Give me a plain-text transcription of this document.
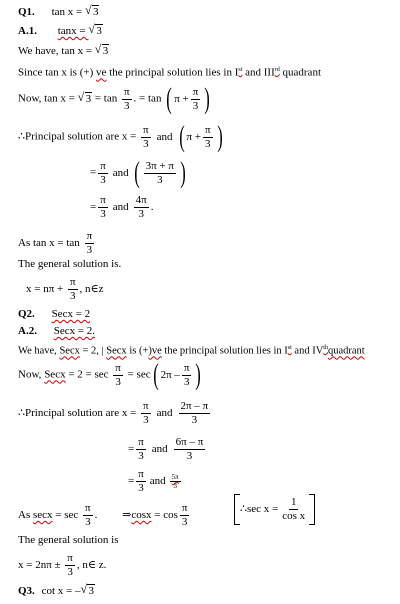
Q1. tan x = √ 3
A.1. tanx = √ 3
We have, tan x = √ 3
Since tan x is (+) ve the principal solution lies in Ist and IIIrd quadrant
Now, tan x = √ $3 = \tan \frac{\pi}{3}$ . = tan ( $\pi + \frac{\pi}{3}$ )
∴Principal solution are $x = \frac{\pi}{3}$ and ( $\pi + \frac{\pi}{3}$ )
= $\frac{\pi}{3}$ and ( 3π + π
3 )
= $\frac{\pi}{3}$ and $\frac{4\pi}{3}$ .
As $\tan x = \tan \frac{\pi}{3}$
The general solution is.
$x = n\pi + \frac{\pi}{3}$ , n∈z
Q2. Secx = 2
A.2. Secx = 2.
We have, Secx = 2, | Secx is (+)ve the principal solution lies in Ist and IVthquadrant
Now, Secx = $2 = \sec \frac{\pi}{3} = \sec$ ( 2π –
π
3 )
∴Principal solution are $x = \frac{\pi}{3}$ and $\frac{2\pi - \pi}{3}$
= $\frac{\pi}{3}$ and $\frac{6\pi - \pi}{3}$
= $\frac{\pi}{3}$ and $\frac{5\pi}{3}$
As $\sec x = \sec \frac{\pi}{3}$ . ⇒cosx = $\cos \frac{\pi}{3}$	∴sec $x = \frac{1}{\text{cos x}}$
The general solution is
$x = 2n\pi \pm \frac{\pi}{3}$ , n∈ z.
Q3. cot x = –√ 3
